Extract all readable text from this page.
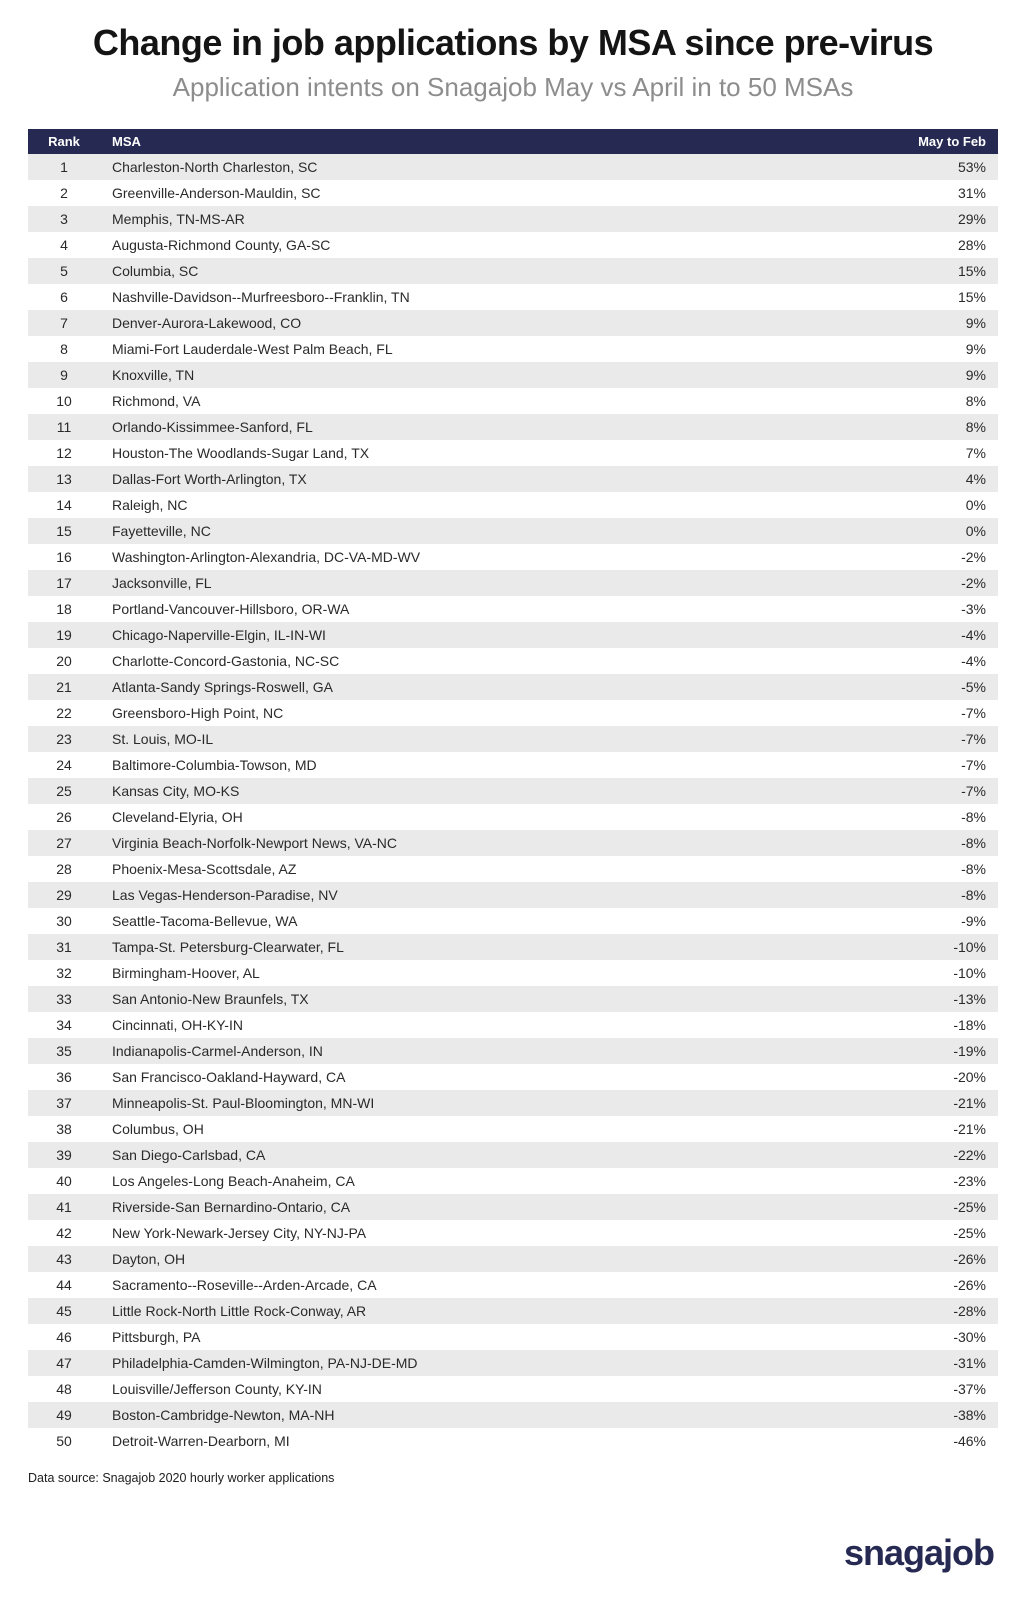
Change in job applications by MSA since pre-virus
Application intents on Snagajob May vs April in to 50 MSAs
Rank	MSA	May to Feb
1	Charleston-North Charleston, SC	53%
2	Greenville-Anderson-Mauldin, SC	31%
3	Memphis, TN-MS-AR	29%
4	Augusta-Richmond County, GA-SC	28%
5	Columbia, SC	15%
6	Nashville-Davidson--Murfreesboro--Franklin, TN	15%
7	Denver-Aurora-Lakewood, CO	9%
8	Miami-Fort Lauderdale-West Palm Beach, FL	9%
9	Knoxville, TN	9%
10	Richmond, VA	8%
11	Orlando-Kissimmee-Sanford, FL	8%
12	Houston-The Woodlands-Sugar Land, TX	7%
13	Dallas-Fort Worth-Arlington, TX	4%
14	Raleigh, NC	0%
15	Fayetteville, NC	0%
16	Washington-Arlington-Alexandria, DC-VA-MD-WV	-2%
17	Jacksonville, FL	-2%
18	Portland-Vancouver-Hillsboro, OR-WA	-3%
19	Chicago-Naperville-Elgin, IL-IN-WI	-4%
20	Charlotte-Concord-Gastonia, NC-SC	-4%
21	Atlanta-Sandy Springs-Roswell, GA	-5%
22	Greensboro-High Point, NC	-7%
23	St. Louis, MO-IL	-7%
24	Baltimore-Columbia-Towson, MD	-7%
25	Kansas City, MO-KS	-7%
26	Cleveland-Elyria, OH	-8%
27	Virginia Beach-Norfolk-Newport News, VA-NC	-8%
28	Phoenix-Mesa-Scottsdale, AZ	-8%
29	Las Vegas-Henderson-Paradise, NV	-8%
30	Seattle-Tacoma-Bellevue, WA	-9%
31	Tampa-St. Petersburg-Clearwater, FL	-10%
32	Birmingham-Hoover, AL	-10%
33	San Antonio-New Braunfels, TX	-13%
34	Cincinnati, OH-KY-IN	-18%
35	Indianapolis-Carmel-Anderson, IN	-19%
36	San Francisco-Oakland-Hayward, CA	-20%
37	Minneapolis-St. Paul-Bloomington, MN-WI	-21%
38	Columbus, OH	-21%
39	San Diego-Carlsbad, CA	-22%
40	Los Angeles-Long Beach-Anaheim, CA	-23%
41	Riverside-San Bernardino-Ontario, CA	-25%
42	New York-Newark-Jersey City, NY-NJ-PA	-25%
43	Dayton, OH	-26%
44	Sacramento--Roseville--Arden-Arcade, CA	-26%
45	Little Rock-North Little Rock-Conway, AR	-28%
46	Pittsburgh, PA	-30%
47	Philadelphia-Camden-Wilmington, PA-NJ-DE-MD	-31%
48	Louisville/Jefferson County, KY-IN	-37%
49	Boston-Cambridge-Newton, MA-NH	-38%
50	Detroit-Warren-Dearborn, MI	-46%
Data source: Snagajob 2020 hourly worker applications
snagajob
